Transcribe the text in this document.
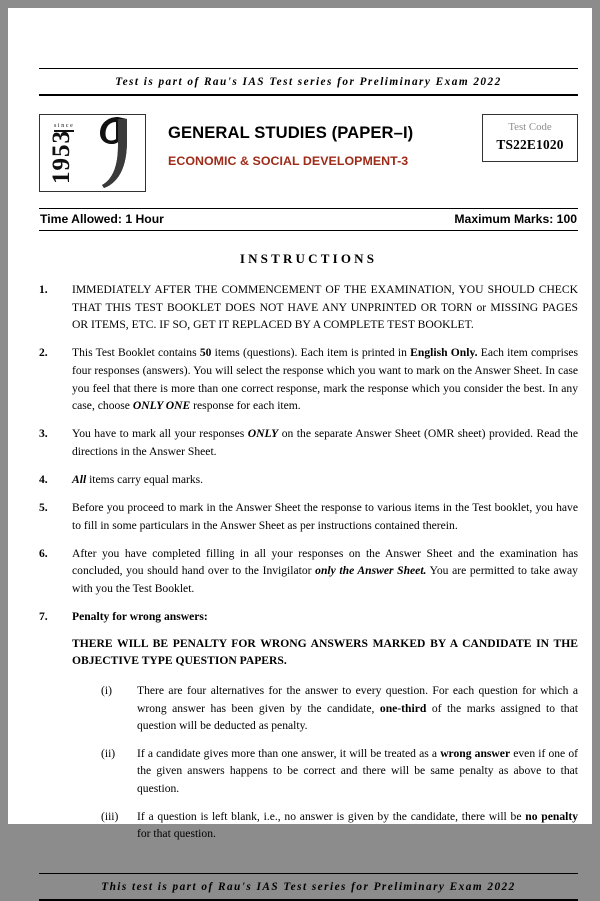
Test is part of Rau's IAS Test series for Preliminary Exam 2022
since
1953	GENERAL STUDIES (PAPER–I)
ECONOMIC & SOCIAL DEVELOPMENT-3
Test Code
TS22E1020
Time Allowed: 1 Hour	Maximum Marks: 100
INSTRUCTIONS
1.	IMMEDIATELY AFTER THE COMMENCEMENT OF THE EXAMINATION, YOU SHOULD CHECK THAT THIS TEST BOOKLET DOES NOT HAVE ANY UNPRINTED OR TORN or MISSING PAGES OR ITEMS, ETC. IF SO, GET IT REPLACED BY A COMPLETE TEST BOOKLET.
2.	This Test Booklet contains 50 items (questions). Each item is printed in English Only. Each item comprises four responses (answers). You will select the response which you want to mark on the Answer Sheet. In case you feel that there is more than one correct response, mark the response which you consider the best. In any case, choose ONLY ONE response for each item.
3.	You have to mark all your responses ONLY on the separate Answer Sheet (OMR sheet) provided. Read the directions in the Answer Sheet.
4.	All items carry equal marks.
5.	Before you proceed to mark in the Answer Sheet the response to various items in the Test booklet, you have to fill in some particulars in the Answer Sheet as per instructions contained therein.
6.	After you have completed filling in all your responses on the Answer Sheet and the examination has concluded, you should hand over to the Invigilator only the Answer Sheet. You are permitted to take away with you the Test Booklet.
7.	Penalty for wrong answers:
THERE WILL BE PENALTY FOR WRONG ANSWERS MARKED BY A CANDIDATE IN THE OBJECTIVE TYPE QUESTION PAPERS.
(i)	There are four alternatives for the answer to every question. For each question for which a wrong answer has been given by the candidate, one-third of the marks assigned to that question will be deducted as penalty.
(ii)	If a candidate gives more than one answer, it will be treated as a wrong answer even if one of the given answers happens to be correct and there will be same penalty as above to that question.
(iii)	If a question is left blank, i.e., no answer is given by the candidate, there will be no penalty for that question.
This test is part of Rau's IAS Test series for Preliminary Exam 2022
